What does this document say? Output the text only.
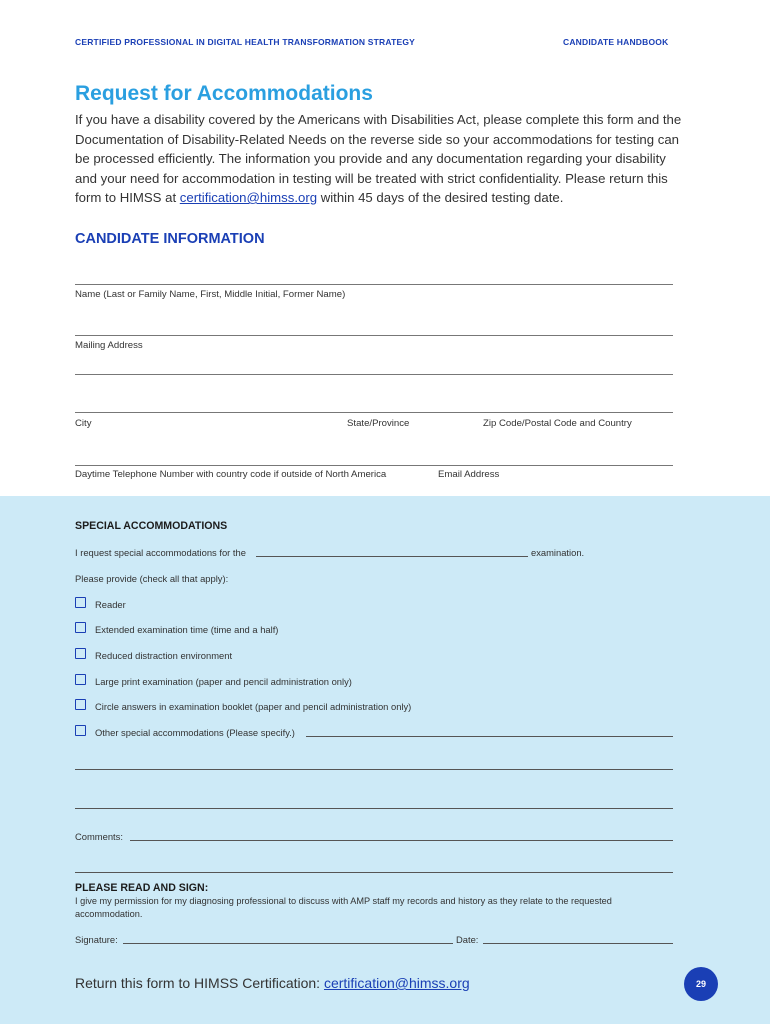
CERTIFIED PROFESSIONAL IN DIGITAL HEALTH TRANSFORMATION STRATEGY	CANDIDATE HANDBOOK
Request for Accommodations
If you have a disability covered by the Americans with Disabilities Act, please complete this form and the Documentation of Disability-Related Needs on the reverse side so your accommodations for testing can be processed efficiently. The information you provide and any documentation regarding your disability and your need for accommodation in testing will be treated with strict confidentiality. Please return this form to HIMSS at certification@himss.org within 45 days of the desired testing date.
CANDIDATE INFORMATION
Name (Last or Family Name, First, Middle Initial, Former Name)
Mailing Address
City	State/Province	Zip Code/Postal Code and Country
Daytime Telephone Number with country code if outside of North America	Email Address
SPECIAL ACCOMMODATIONS
I request special accommodations for the	examination.
Please provide (check all that apply):
Reader
Extended examination time (time and a half)
Reduced distraction environment
Large print examination (paper and pencil administration only)
Circle answers in examination booklet (paper and pencil administration only)
Other special accommodations (Please specify.)
Comments:
PLEASE READ AND SIGN:
I give my permission for my diagnosing professional to discuss with AMP staff my records and history as they relate to the requested accommodation.
Signature:	Date:
Return this form to HIMSS Certification: certification@himss.org	29
